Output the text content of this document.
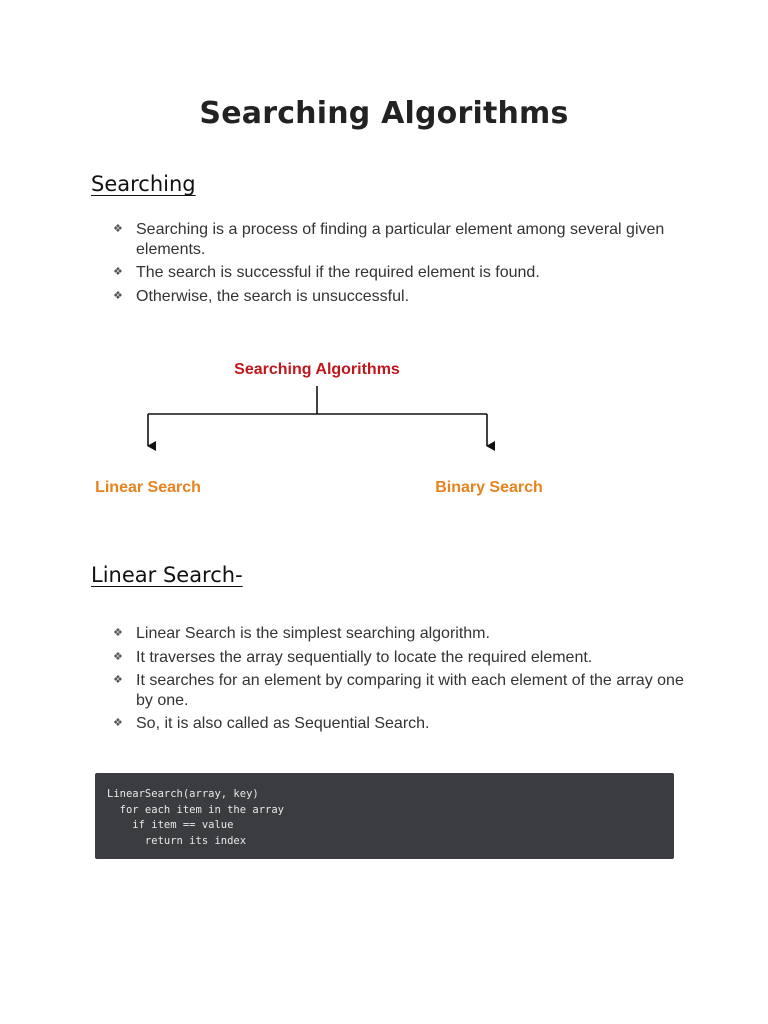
Searching Algorithms
Searching
❖ Searching is a process of finding a particular element among several given elements.
❖ The search is successful if the required element is found.
❖ Otherwise, the search is unsuccessful.
Searching Algorithms
Linear Search	Binary Search
Linear Search-
❖ Linear Search is the simplest searching algorithm.
❖ It traverses the array sequentially to locate the required element.
❖ It searches for an element by comparing it with each element of the array one by one.
❖ So, it is also called as Sequential Search.
LinearSearch(array, key)
for each item in the array
if item == value
return its index
